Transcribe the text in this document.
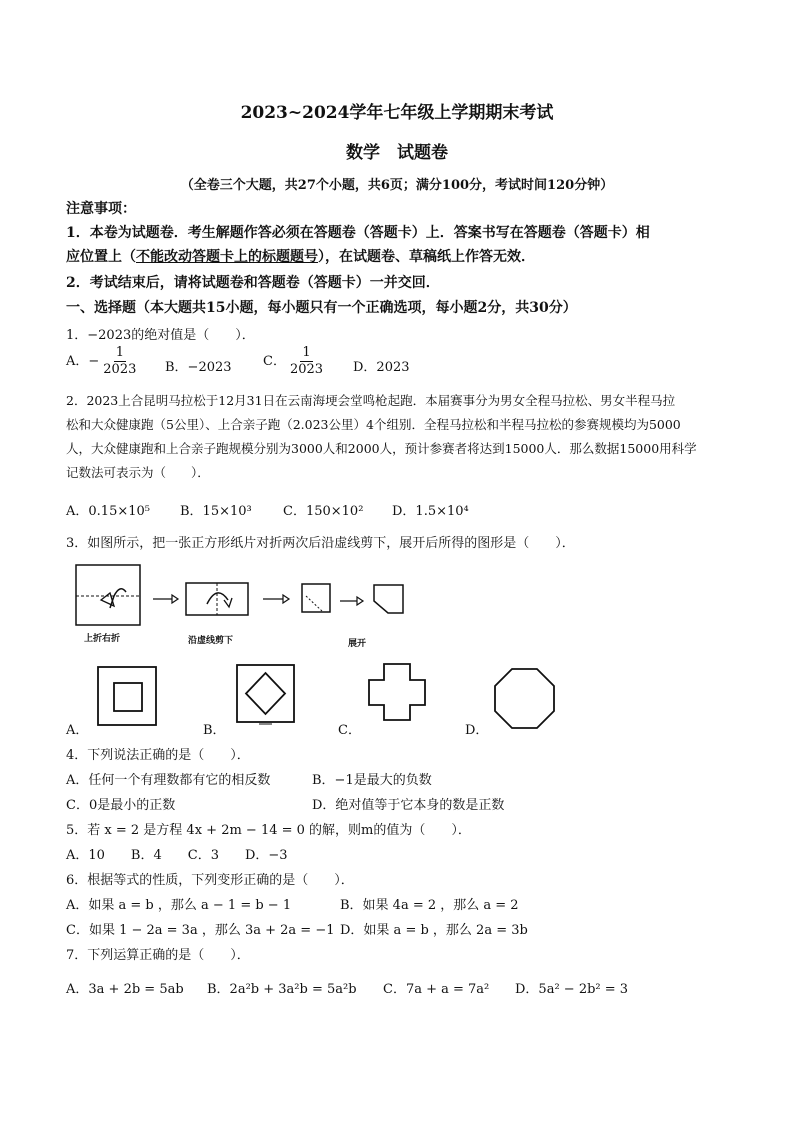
2023~2024学年七年级上学期期末考试
数学　试题卷
（全卷三个大题，共27个小题，共6页；满分100分，考试时间120分钟）
注意事项：
1．本卷为试题卷．考生解题作答必须在答题卷（答题卡）上．答案书写在答题卷（答题卡）相
应位置上（不能改动答题卡上的标题题号），在试题卷、草稿纸上作答无效．
2．考试结束后，请将试题卷和答题卷（答题卡）一并交回．
一、选择题（本大题共15小题，每小题只有一个正确选项，每小题2分，共30分）
1．−2023的绝对值是（　　）．
A．− $\frac{1}{2023}$ B．−2023 C． $\frac{1}{2023}$ D．2023
2．2023上合昆明马拉松于12月31日在云南海埂会堂鸣枪起跑．本届赛事分为男女全程马拉松、男女半程马拉
松和大众健康跑（5公里）、上合亲子跑（2.023公里）4个组别．全程马拉松和半程马拉松的参赛规模均为5000
人，大众健康跑和上合亲子跑规模分别为3000人和2000人，预计参赛者将达到15000人．那么数据15000用科学
记数法可表示为（　　）．
A．0.15×10⁵ B．15×10³ C．150×10² D．1.5×10⁴
3．如图所示，把一张正方形纸片对折两次后沿虚线剪下，展开后所得的图形是（　　）．
上折右折	沿虚线剪下	展开
A．	B．	C．	D．
4．下列说法正确的是（　　）．
A．任何一个有理数都有它的相反数	B．−1是最大的负数
C．0是最小的正数	D．绝对值等于它本身的数是正数
5．若 x = 2 是方程 4x + 2m − 14 = 0 的解，则m的值为（　　）．
A．10　　B．4　　C．3　　D．−3
6．根据等式的性质，下列变形正确的是（　　）．
A．如果 a = b ，那么 a − 1 = b − 1	B．如果 4a = 2 ，那么 a = 2
C．如果 1 − 2a = 3a ，那么 3a + 2a = −1 D．如果 a = b ，那么 2a = 3b
7．下列运算正确的是（　　）．
A．3a + 2b = 5ab B．2a²b + 3a²b = 5a²b C．7a + a = 7a² D．5a² − 2b² = 3
